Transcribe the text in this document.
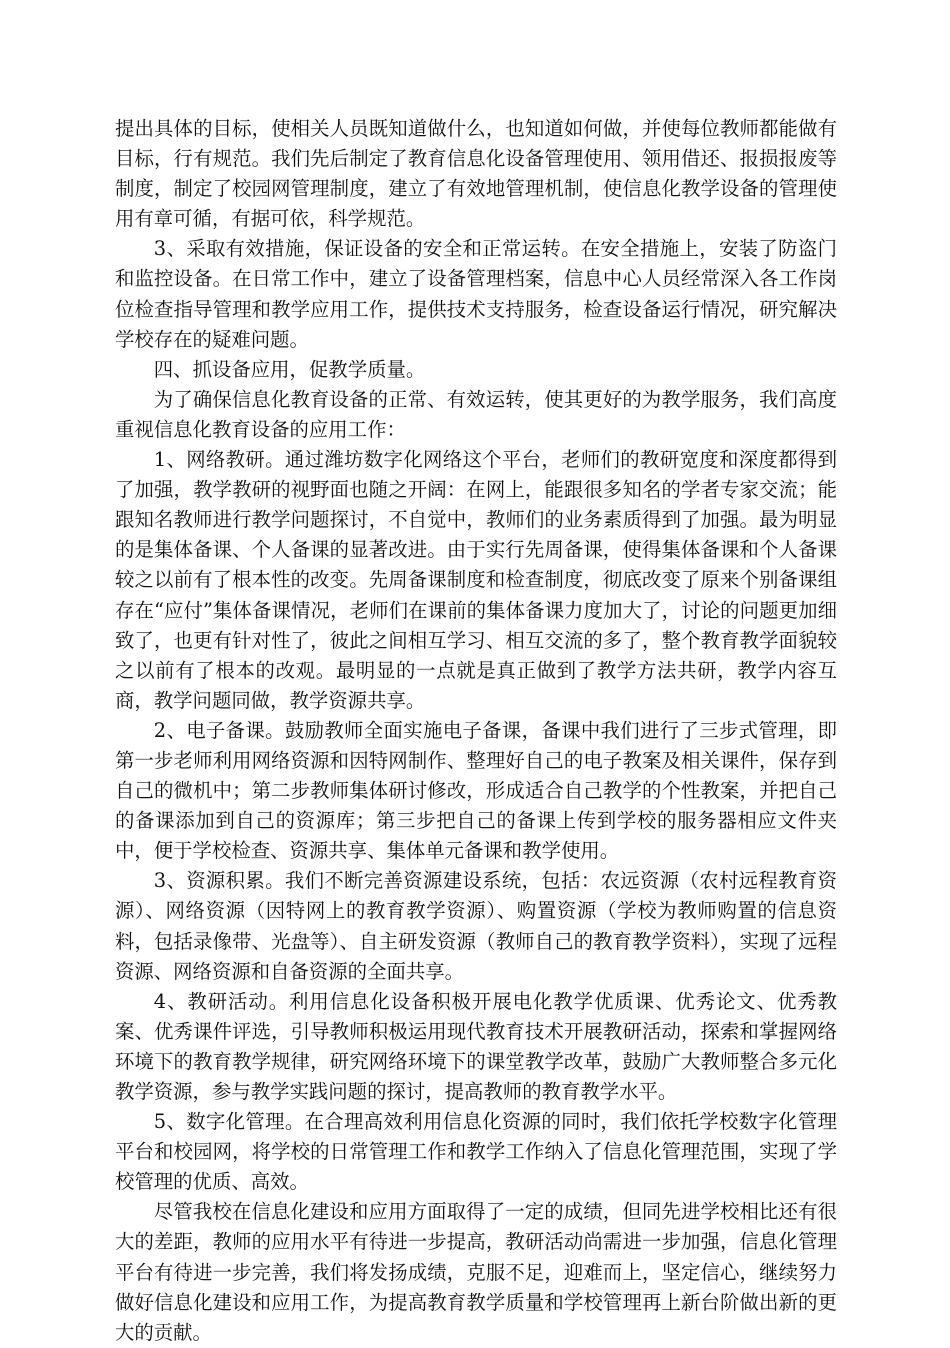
提出具体的目标，使相关人员既知道做什么，也知道如何做，并使每位教师都能做有目标，行有规范。我们先后制定了教育信息化设备管理使用、领用借还、报损报废等制度，制定了校园网管理制度，建立了有效地管理机制，使信息化教学设备的管理使用有章可循，有据可依，科学规范。

3、采取有效措施，保证设备的安全和正常运转。在安全措施上，安装了防盗门和监控设备。在日常工作中，建立了设备管理档案，信息中心人员经常深入各工作岗位检查指导管理和教学应用工作，提供技术支持服务，检查设备运行情况，研究解决学校存在的疑难问题。

四、抓设备应用，促教学质量。

为了确保信息化教育设备的正常、有效运转，使其更好的为教学服务，我们高度重视信息化教育设备的应用工作：

1、网络教研。通过潍坊数字化网络这个平台，老师们的教研宽度和深度都得到了加强，教学教研的视野面也随之开阔：在网上，能跟很多知名的学者专家交流；能跟知名教师进行教学问题探讨，不自觉中，教师们的业务素质得到了加强。最为明显的是集体备课、个人备课的显著改进。由于实行先周备课，使得集体备课和个人备课较之以前有了根本性的改变。先周备课制度和检查制度，彻底改变了原来个别备课组存在“应付”集体备课情况，老师们在课前的集体备课力度加大了，讨论的问题更加细致了，也更有针对性了，彼此之间相互学习、相互交流的多了，整个教育教学面貌较之以前有了根本的改观。最明显的一点就是真正做到了教学方法共研，教学内容互商，教学问题同做，教学资源共享。

2、电子备课。鼓励教师全面实施电子备课，备课中我们进行了三步式管理，即第一步老师利用网络资源和因特网制作、整理好自己的电子教案及相关课件，保存到自己的微机中；第二步教师集体研讨修改，形成适合自己教学的个性教案，并把自己的备课添加到自己的资源库；第三步把自己的备课上传到学校的服务器相应文件夹中，便于学校检查、资源共享、集体单元备课和教学使用。

3、资源积累。我们不断完善资源建设系统，包括：农远资源（农村远程教育资源）、网络资源（因特网上的教育教学资源）、购置资源（学校为教师购置的信息资料，包括录像带、光盘等）、自主研发资源（教师自己的教育教学资料），实现了远程资源、网络资源和自备资源的全面共享。

4、教研活动。利用信息化设备积极开展电化教学优质课、优秀论文、优秀教案、优秀课件评选，引导教师积极运用现代教育技术开展教研活动，探索和掌握网络环境下的教育教学规律，研究网络环境下的课堂教学改革，鼓励广大教师整合多元化教学资源，参与教学实践问题的探讨，提高教师的教育教学水平。

5、数字化管理。在合理高效利用信息化资源的同时，我们依托学校数字化管理平台和校园网，将学校的日常管理工作和教学工作纳入了信息化管理范围，实现了学校管理的优质、高效。

尽管我校在信息化建设和应用方面取得了一定的成绩，但同先进学校相比还有很大的差距，教师的应用水平有待进一步提高，教研活动尚需进一步加强，信息化管理平台有待进一步完善，我们将发扬成绩，克服不足，迎难而上，坚定信心，继续努力做好信息化建设和应用工作，为提高教育教学质量和学校管理再上新台阶做出新的更大的贡献。
